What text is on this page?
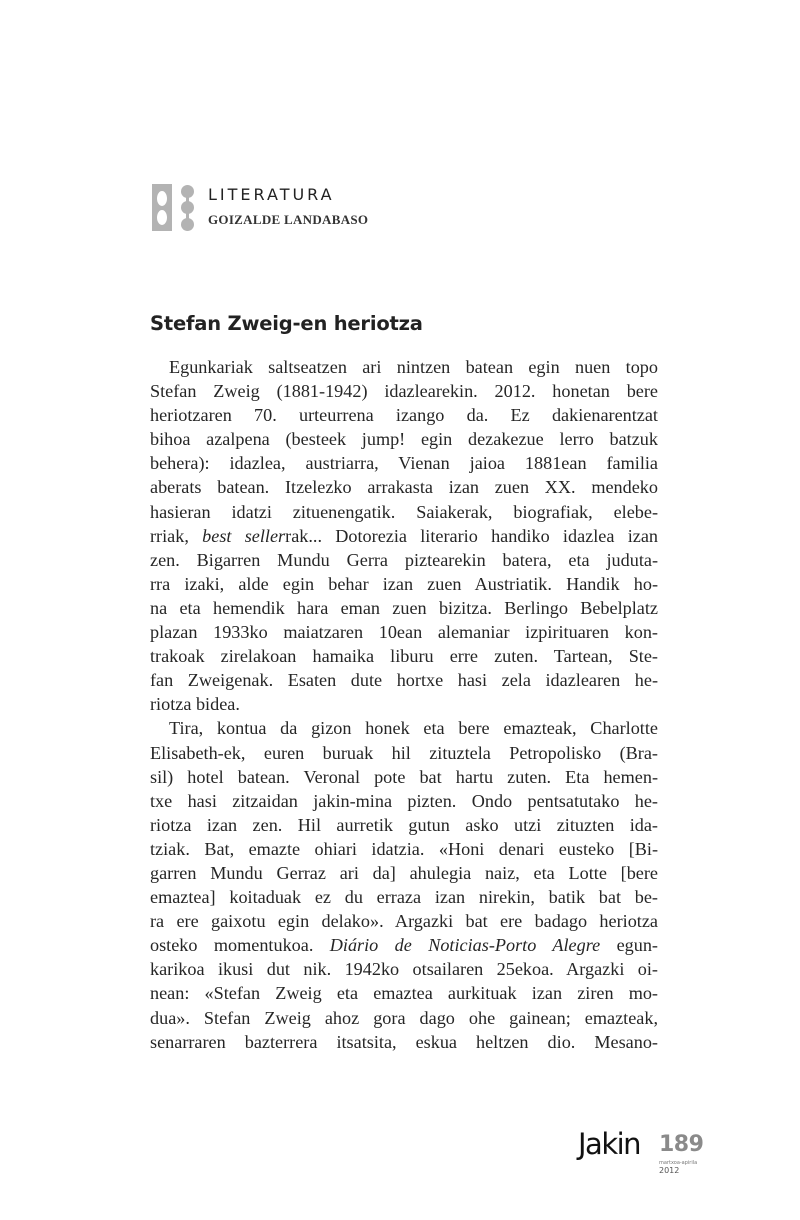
LITERATURA
GOIZALDE LANDABASO
Stefan Zweig-en heriotza
Egunkariak saltseatzen ari nintzen batean egin nuen topo
Stefan Zweig (1881-1942) idazlearekin. 2012. honetan bere
heriotzaren 70. urteurrena izango da. Ez dakienarentzat
bihoa azalpena (besteek jump! egin dezakezue lerro batzuk
behera): idazlea, austriarra, Vienan jaioa 1881ean familia
aberats batean. Itzelezko arrakasta izan zuen XX. mendeko
hasieran idatzi zituenengatik. Saiakerak, biografiak, elebe-
rriak, best sellerrak... Dotorezia literario handiko idazlea izan
zen. Bigarren Mundu Gerra piztearekin batera, eta juduta-
rra izaki, alde egin behar izan zuen Austriatik. Handik ho-
na eta hemendik hara eman zuen bizitza. Berlingo Bebelplatz
plazan 1933ko maiatzaren 10ean alemaniar izpirituaren kon-
trakoak zirelakoan hamaika liburu erre zuten. Tartean, Ste-
fan Zweigenak. Esaten dute hortxe hasi zela idazlearen he-
riotza bidea.
Tira, kontua da gizon honek eta bere emazteak, Charlotte
Elisabeth-ek, euren buruak hil zituztela Petropolisko (Bra-
sil) hotel batean. Veronal pote bat hartu zuten. Eta hemen-
txe hasi zitzaidan jakin-mina pizten. Ondo pentsatutako he-
riotza izan zen. Hil aurretik gutun asko utzi zituzten ida-
tziak. Bat, emazte ohiari idatzia. «Honi denari eusteko [Bi-
garren Mundu Gerraz ari da] ahulegia naiz, eta Lotte [bere
emaztea] koitaduak ez du erraza izan nirekin, batik bat be-
ra ere gaixotu egin delako». Argazki bat ere badago heriotza
osteko momentukoa. Diário de Noticias-Porto Alegre egun-
karikoa ikusi dut nik. 1942ko otsailaren 25ekoa. Argazki oi-
nean: «Stefan Zweig eta emaztea aurkituak izan ziren mo-
dua». Stefan Zweig ahoz gora dago ohe gainean; emazteak,
senarraren bazterrera itsatsita, eskua heltzen dio. Mesano-
Jakin 189
martxoa-apirila
2012
